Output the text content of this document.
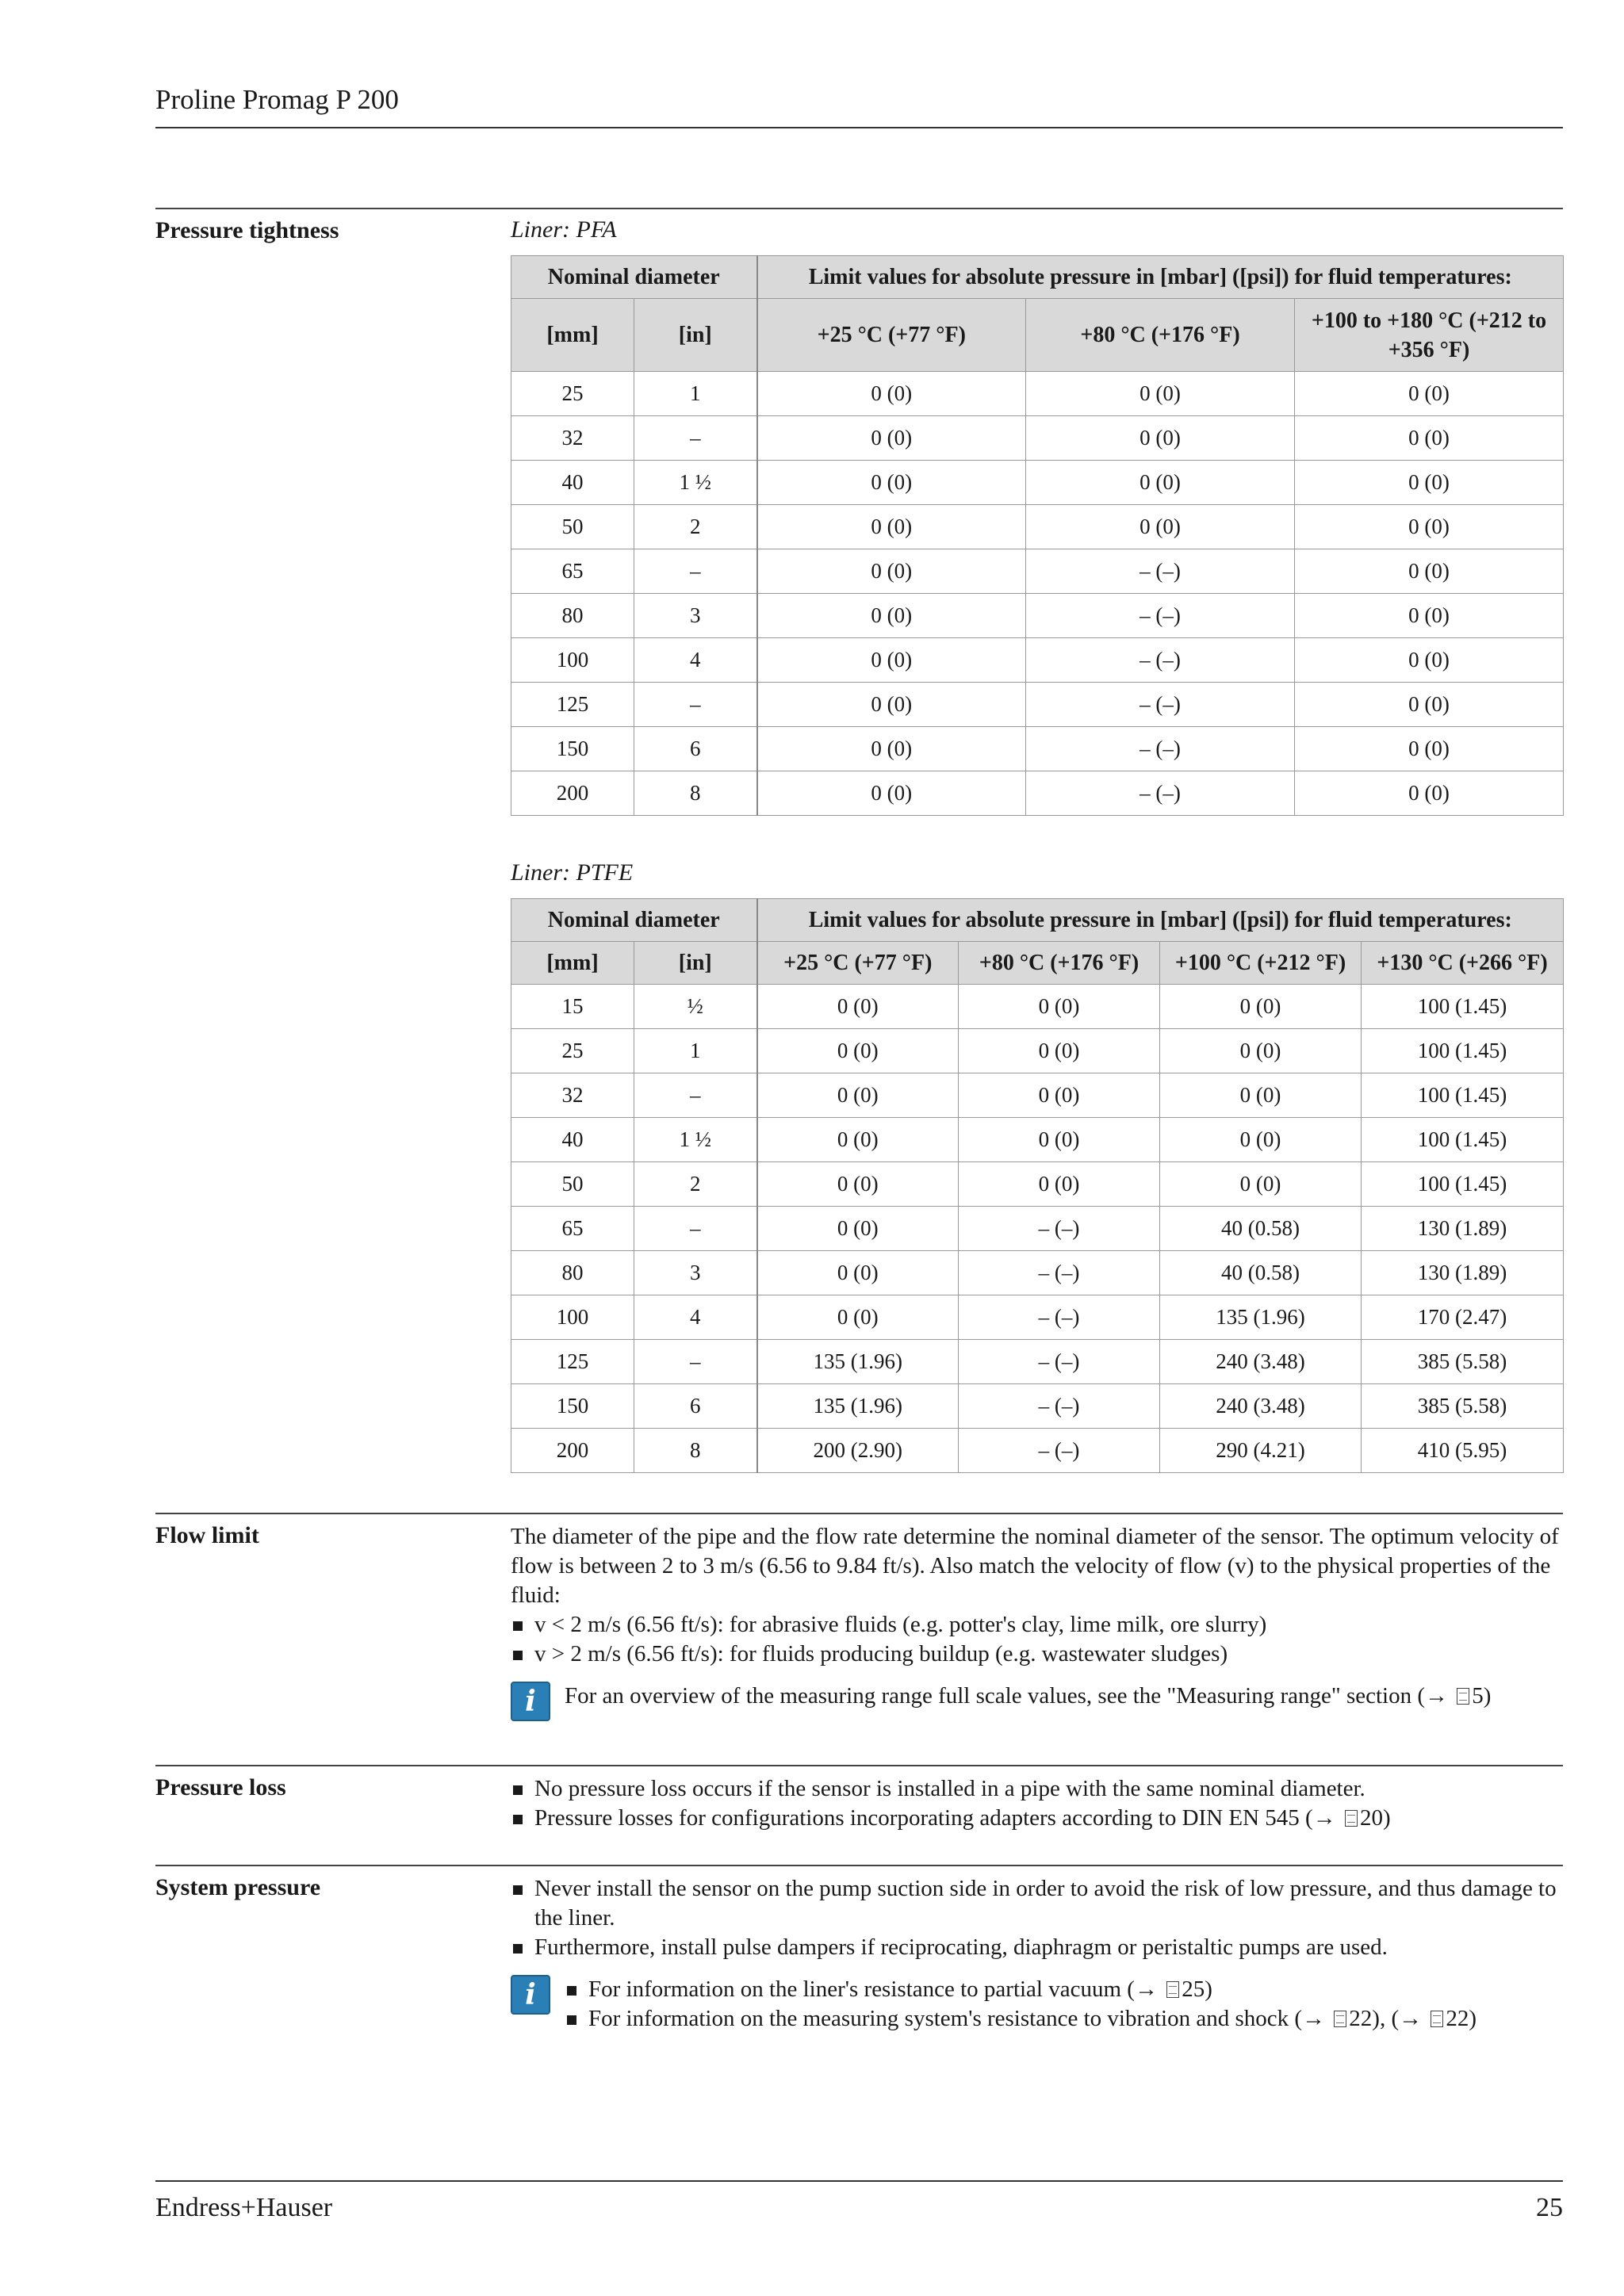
Proline Promag P 200
Pressure tightness	Liner: PFA
Nominal diameter		Limit values for absolute pressure in [mbar] ([psi]) for fluid temperatures:		
[mm]	[in]	+25 °C (+77 °F)	+80 °C (+176 °F)	+100 to +180 °C (+212 to +356 °F)
25	1	0 (0)	0 (0)	0 (0)
32	–	0 (0)	0 (0)	0 (0)
40	1 ½	0 (0)	0 (0)	0 (0)
50	2	0 (0)	0 (0)	0 (0)
65	–	0 (0)	– (–)	0 (0)
80	3	0 (0)	– (–)	0 (0)
100	4	0 (0)	– (–)	0 (0)
125	–	0 (0)	– (–)	0 (0)
150	6	0 (0)	– (–)	0 (0)
200	8	0 (0)	– (–)	0 (0)
Liner: PTFE
Nominal diameter		Limit values for absolute pressure in [mbar] ([psi]) for fluid temperatures:			
[mm]	[in]	+25 °C (+77 °F)	+80 °C (+176 °F)	+100 °C (+212 °F)	+130 °C (+266 °F)
15	½	0 (0)	0 (0)	0 (0)	100 (1.45)
25	1	0 (0)	0 (0)	0 (0)	100 (1.45)
32	–	0 (0)	0 (0)	0 (0)	100 (1.45)
40	1 ½	0 (0)	0 (0)	0 (0)	100 (1.45)
50	2	0 (0)	0 (0)	0 (0)	100 (1.45)
65	–	0 (0)	– (–)	40 (0.58)	130 (1.89)
80	3	0 (0)	– (–)	40 (0.58)	130 (1.89)
100	4	0 (0)	– (–)	135 (1.96)	170 (2.47)
125	–	135 (1.96)	– (–)	240 (3.48)	385 (5.58)
150	6	135 (1.96)	– (–)	240 (3.48)	385 (5.58)
200	8	200 (2.90)	– (–)	290 (4.21)	410 (5.95)
Flow limit	The diameter of the pipe and the flow rate determine the nominal diameter of the sensor. The optimum velocity of flow is between 2 to 3 m/s (6.56 to 9.84 ft/s). Also match the velocity of flow (v) to the physical properties of the fluid:
v < 2 m/s (6.56 ft/s): for abrasive fluids (e.g. potter's clay, lime milk, ore slurry)
v > 2 m/s (6.56 ft/s): for fluids producing buildup (e.g. wastewater sludges)
i	For an overview of the measuring range full scale values, see the "Measuring range" section (→ 5)
Pressure loss	No pressure loss occurs if the sensor is installed in a pipe with the same nominal diameter.
Pressure losses for configurations incorporating adapters according to DIN EN 545 (→ 20)
System pressure	Never install the sensor on the pump suction side in order to avoid the risk of low pressure, and thus damage to the liner.
Furthermore, install pulse dampers if reciprocating, diaphragm or peristaltic pumps are used.
i	For information on the liner's resistance to partial vacuum (→ 25)
For information on the measuring system's resistance to vibration and shock (→ 22), (→ 22)
Endress+Hauser	25
